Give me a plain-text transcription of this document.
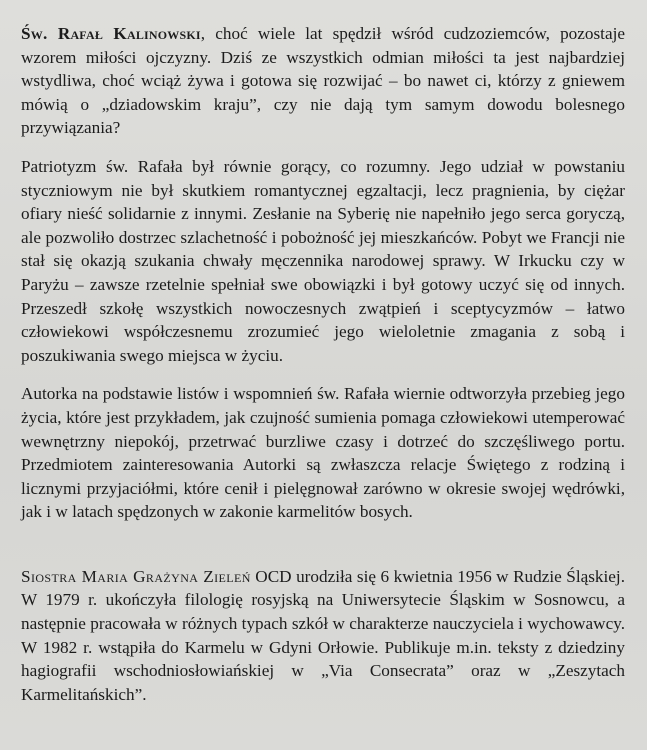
Św. Rafał Kalinowski, choć wiele lat spędził wśród cudzoziemców, pozostaje wzorem miłości ojczyzny. Dziś ze wszystkich odmian miłości ta jest najbardziej wstydliwa, choć wciąż żywa i gotowa się rozwijać – bo nawet ci, którzy z gniewem mówią o „dziadowskim kraju”, czy nie dają tym samym dowodu bolesnego przywiązania?

Patriotyzm św. Rafała był równie gorący, co rozumny. Jego udział w powstaniu styczniowym nie był skutkiem romantycznej egzaltacji, lecz pragnienia, by ciężar ofiary nieść solidarnie z innymi. Zesłanie na Syberię nie napełniło jego serca goryczą, ale pozwoliło dostrzec szlachetność i pobożność jej mieszkańców. Pobyt we Francji nie stał się okazją szukania chwały męczennika narodowej sprawy. W Irkucku czy w Paryżu – zawsze rzetelnie spełniał swe obowiązki i był gotowy uczyć się od innych. Przeszedł szkołę wszystkich nowoczesnych zwątpień i sceptycyzmów – łatwo człowiekowi współczesnemu zrozumieć jego wieloletnie zmagania z sobą i poszukiwania swego miejsca w życiu.

Autorka na podstawie listów i wspomnień św. Rafała wiernie odtworzyła przebieg jego życia, które jest przykładem, jak czujność sumienia pomaga człowiekowi utemperować wewnętrzny niepokój, przetrwać burzliwe czasy i dotrzeć do szczęśliwego portu. Przedmiotem zainteresowania Autorki są zwłaszcza relacje Świętego z rodziną i licznymi przyjaciółmi, które cenił i pielęgnował zarówno w okresie swojej wędrówki, jak i w latach spędzonych w zakonie karmelitów bosych.

Siostra Maria Grażyna Zieleń OCD urodziła się 6 kwietnia 1956 w Rudzie Śląskiej. W 1979 r. ukończyła filologię rosyjską na Uniwersytecie Śląskim w Sosnowcu, a następnie pracowała w różnych typach szkół w charakterze nauczyciela i wychowawcy. W 1982 r. wstąpiła do Karmelu w Gdyni Orłowie. Publikuje m.in. teksty z dziedziny hagiografii wschodniosłowiańskiej w „Via Consecrata” oraz w „Zeszytach Karmelitańskich”.
